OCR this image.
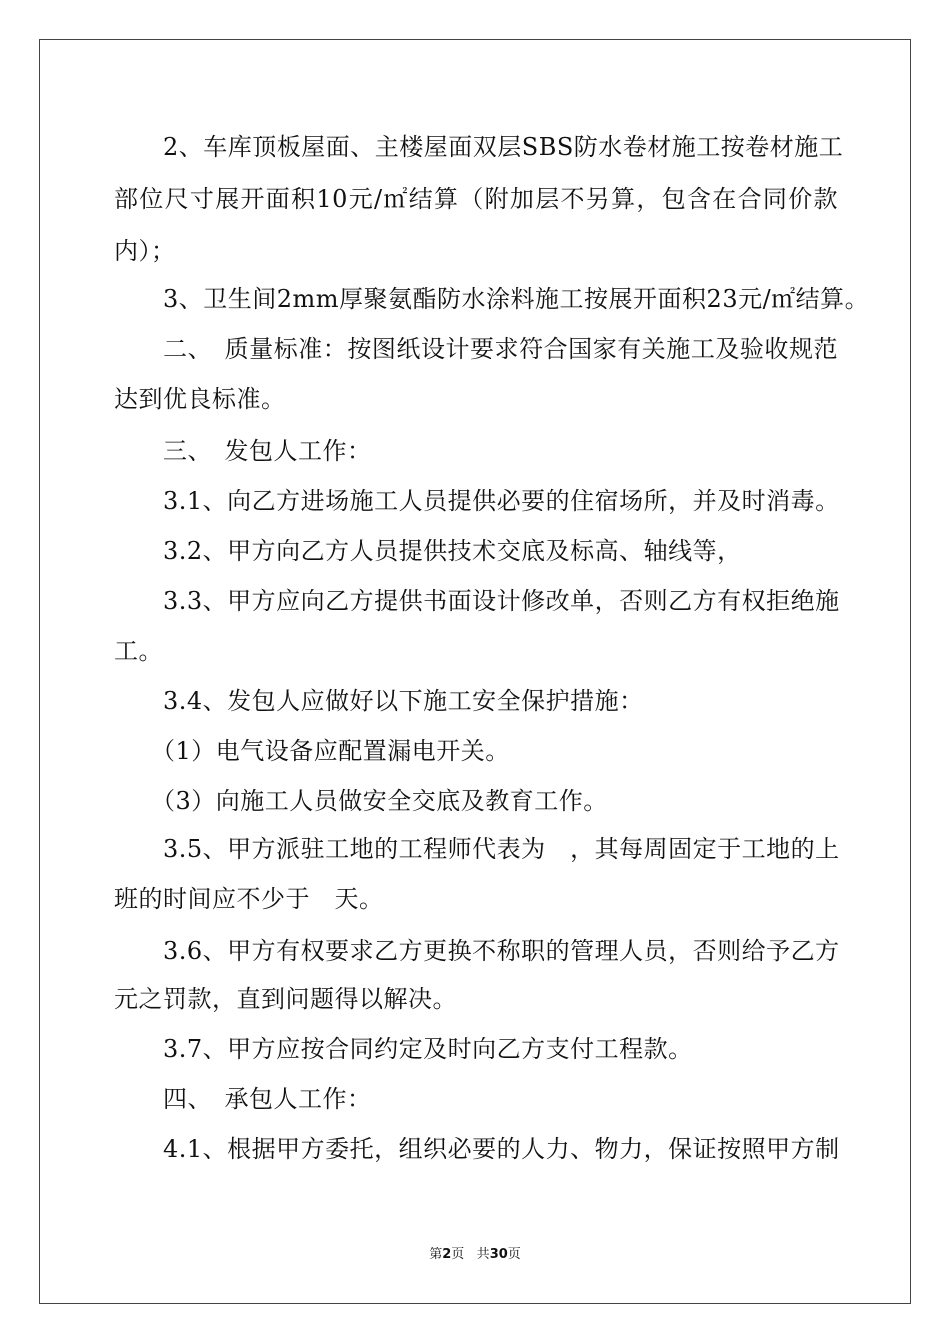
　　2、车库顶板屋面、主楼屋面双层SBS防水卷材施工按卷材施工
部位尺寸展开面积10元/㎡结算（附加层不另算，包含在合同价款
内）；
　　3、卫生间2mm厚聚氨酯防水涂料施工按展开面积23元/㎡结算。
　　二、　质量标准：按图纸设计要求符合国家有关施工及验收规范
达到优良标准。
　　三、　发包人工作：
　　3.1、向乙方进场施工人员提供必要的住宿场所，并及时消毒。
　　3.2、甲方向乙方人员提供技术交底及标高、轴线等，
　　3.3、甲方应向乙方提供书面设计修改单，否则乙方有权拒绝施
工。
　　3.4、发包人应做好以下施工安全保护措施：
　　（1）电气设备应配置漏电开关。
　　（3）向施工人员做安全交底及教育工作。
　　3.5、甲方派驻工地的工程师代表为　，其每周固定于工地的上
班的时间应不少于　天。
　　3.6、甲方有权要求乙方更换不称职的管理人员，否则给予乙方
元之罚款，直到问题得以解决。
　　3.7、甲方应按合同约定及时向乙方支付工程款。
　　四、　承包人工作：
　　4.1、根据甲方委托，组织必要的人力、物力，保证按照甲方制
第2页 共30页
